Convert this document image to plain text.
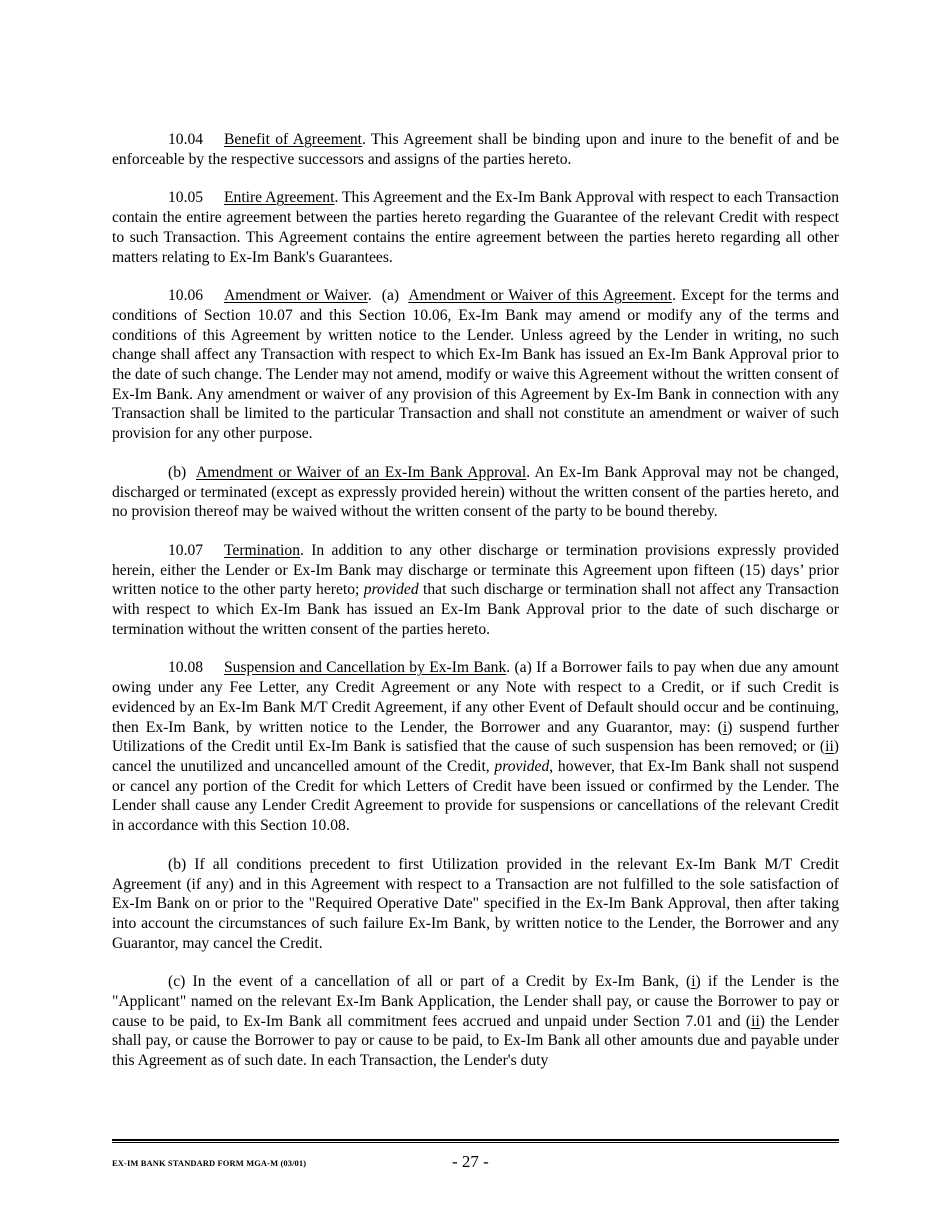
10.04 Benefit of Agreement. This Agreement shall be binding upon and inure to the benefit of and be enforceable by the respective successors and assigns of the parties hereto.

10.05 Entire Agreement. This Agreement and the Ex-Im Bank Approval with respect to each Transaction contain the entire agreement between the parties hereto regarding the Guarantee of the relevant Credit with respect to such Transaction. This Agreement contains the entire agreement between the parties hereto regarding all other matters relating to Ex-Im Bank's Guarantees.

10.06 Amendment or Waiver.  (a)  Amendment or Waiver of this Agreement. Except for the terms and conditions of Section 10.07 and this Section 10.06, Ex-Im Bank may amend or modify any of the terms and conditions of this Agreement by written notice to the Lender. Unless agreed by the Lender in writing, no such change shall affect any Transaction with respect to which Ex-Im Bank has issued an Ex-Im Bank Approval prior to the date of such change. The Lender may not amend, modify or waive this Agreement without the written consent of Ex-Im Bank. Any amendment or waiver of any provision of this Agreement by Ex-Im Bank in connection with any Transaction shall be limited to the particular Transaction and shall not constitute an amendment or waiver of such provision for any other purpose.

(b)  Amendment or Waiver of an Ex-Im Bank Approval. An Ex-Im Bank Approval may not be changed, discharged or terminated (except as expressly provided herein) without the written consent of the parties hereto, and no provision thereof may be waived without the written consent of the party to be bound thereby.

10.07 Termination. In addition to any other discharge or termination provisions expressly provided herein, either the Lender or Ex-Im Bank may discharge or terminate this Agreement upon fifteen (15) days’ prior written notice to the other party hereto; provided that such discharge or termination shall not affect any Transaction with respect to which Ex-Im Bank has issued an Ex-Im Bank Approval prior to the date of such discharge or termination without the written consent of the parties hereto.

10.08 Suspension and Cancellation by Ex-Im Bank. (a) If a Borrower fails to pay when due any amount owing under any Fee Letter, any Credit Agreement or any Note with respect to a Credit, or if such Credit is evidenced by an Ex-Im Bank M/T Credit Agreement, if any other Event of Default should occur and be continuing, then Ex-Im Bank, by written notice to the Lender, the Borrower and any Guarantor, may: (i) suspend further Utilizations of the Credit until Ex-Im Bank is satisfied that the cause of such suspension has been removed; or (ii) cancel the unutilized and uncancelled amount of the Credit, provided, however, that Ex-Im Bank shall not suspend or cancel any portion of the Credit for which Letters of Credit have been issued or confirmed by the Lender. The Lender shall cause any Lender Credit Agreement to provide for suspensions or cancellations of the relevant Credit in accordance with this Section 10.08.

(b) If all conditions precedent to first Utilization provided in the relevant Ex-Im Bank M/T Credit Agreement (if any) and in this Agreement with respect to a Transaction are not fulfilled to the sole satisfaction of Ex-Im Bank on or prior to the "Required Operative Date" specified in the Ex-Im Bank Approval, then after taking into account the circumstances of such failure Ex-Im Bank, by written notice to the Lender, the Borrower and any Guarantor, may cancel the Credit.

(c) In the event of a cancellation of all or part of a Credit by Ex-Im Bank, (i) if the Lender is the "Applicant" named on the relevant Ex-Im Bank Application, the Lender shall pay, or cause the Borrower to pay or cause to be paid, to Ex-Im Bank all commitment fees accrued and unpaid under Section 7.01 and (ii) the Lender shall pay, or cause the Borrower to pay or cause to be paid, to Ex-Im Bank all other amounts due and payable under this Agreement as of such date. In each Transaction, the Lender's duty

EX-IM BANK STANDARD FORM MGA-M (03/01)	- 27 -
